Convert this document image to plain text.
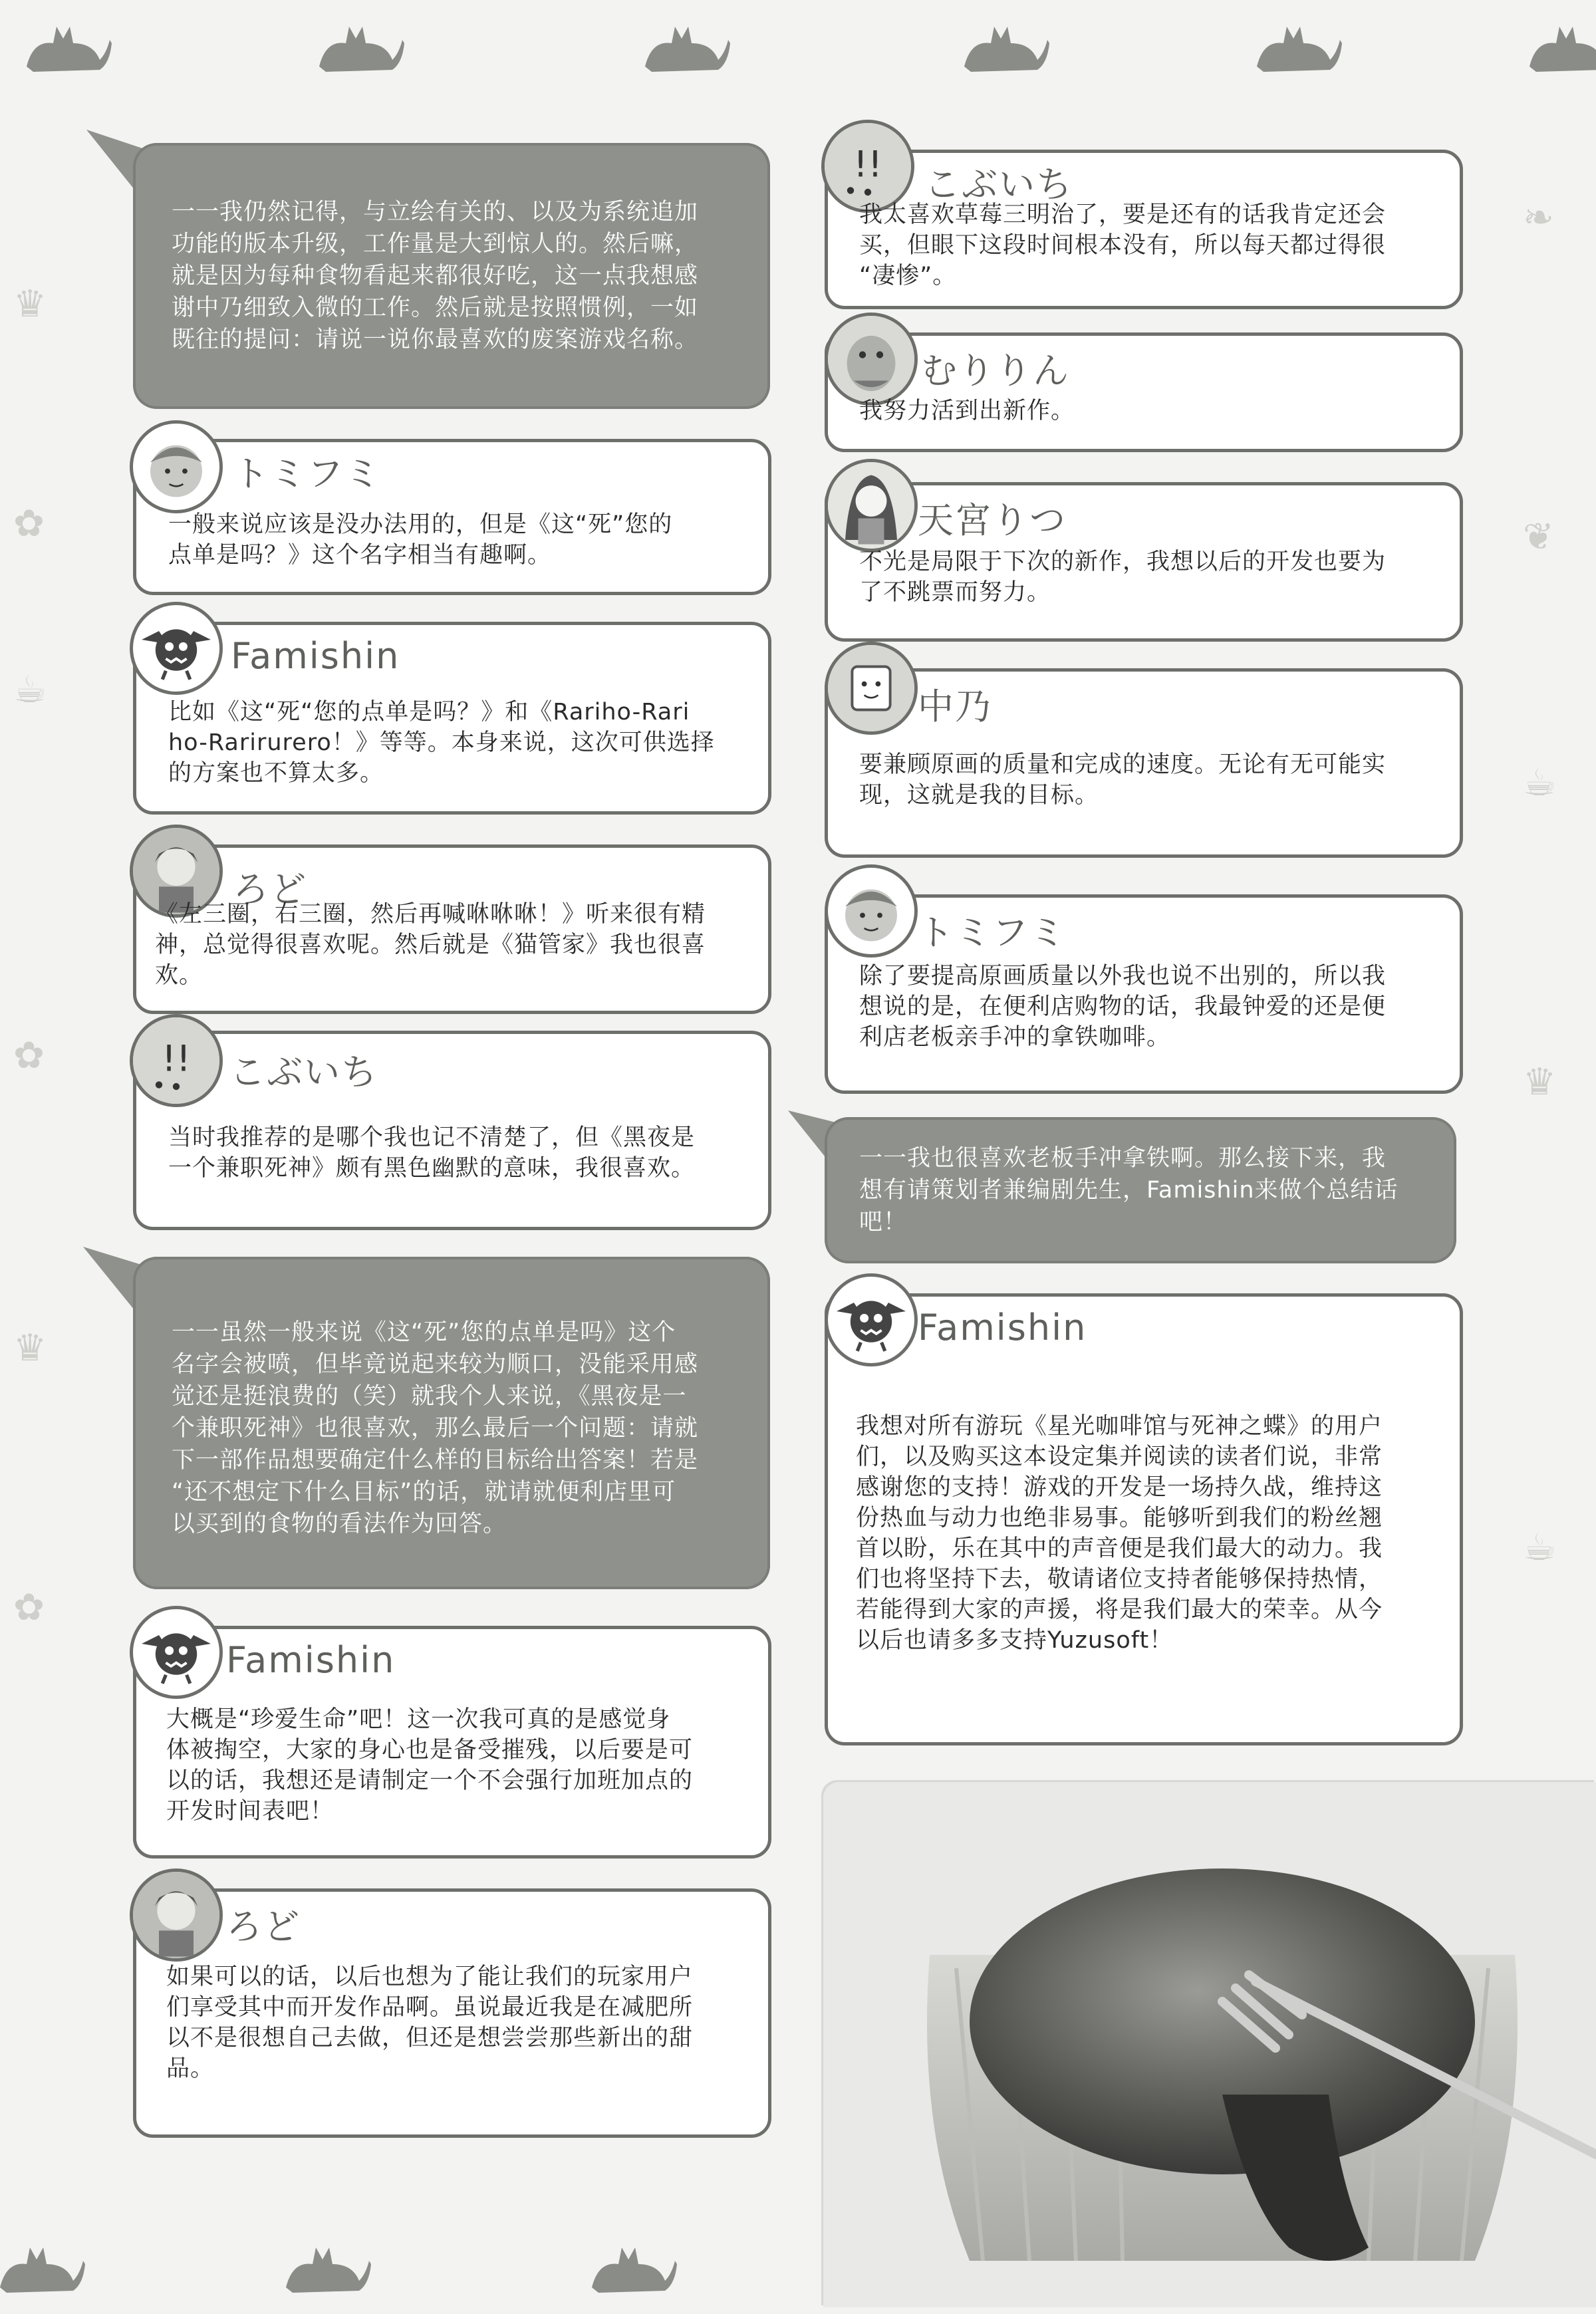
♛
✿
☕
✿
♛
✿
❧
❦
☕
♛
☕
一一我仍然记得，与立绘有关的、以及为系统追加
功能的版本升级，工作量是大到惊人的。然后嘛，
就是因为每种食物看起来都很好吃，这一点我想感
谢中乃细致入微的工作。然后就是按照惯例，一如
既往的提问：请说一说你最喜欢的废案游戏名称。
トミフミ
一般来说应该是没办法用的，但是《这“死”您的
点单是吗？》这个名字相当有趣啊。
Famishin
比如《这“死“您的点单是吗？》和《Rariho-Rari
ho-Rarirurero！》等等。本身来说，这次可供选择
的方案也不算太多。
ろど
《左三圈，右三圈，然后再喊咻咻咻！》听来很有精
神，总觉得很喜欢呢。然后就是《猫管家》我也很喜
欢。
!! こぶいち
当时我推荐的是哪个我也记不清楚了，但《黑夜是
一个兼职死神》颇有黑色幽默的意味，我很喜欢。
一一虽然一般来说《这“死”您的点单是吗》这个
名字会被喷，但毕竟说起来较为顺口，没能采用感
觉还是挺浪费的（笑）就我个人来说，《黑夜是一
个兼职死神》也很喜欢，那么最后一个问题：请就
下一部作品想要确定什么样的目标给出答案！若是
“还不想定下什么目标”的话，就请就便利店里可
以买到的食物的看法作为回答。
Famishin
大概是“珍爱生命”吧！这一次我可真的是感觉身
体被掏空，大家的身心也是备受摧残，以后要是可
以的话，我想还是请制定一个不会强行加班加点的
开发时间表吧！
ろど
如果可以的话，以后也想为了能让我们的玩家用户
们享受其中而开发作品啊。虽说最近我是在减肥所
以不是很想自己去做，但还是想尝尝那些新出的甜
品。
!! こぶいち
我太喜欢草莓三明治了，要是还有的话我肯定还会
买，但眼下这段时间根本没有，所以每天都过得很
“凄惨”。
むりりん
我努力活到出新作。
天宮りつ
不光是局限于下次的新作，我想以后的开发也要为
了不跳票而努力。
中乃
要兼顾原画的质量和完成的速度。无论有无可能实
现，这就是我的目标。
トミフミ
除了要提高原画质量以外我也说不出别的，所以我
想说的是，在便利店购物的话，我最钟爱的还是便
利店老板亲手冲的拿铁咖啡。
一一我也很喜欢老板手冲拿铁啊。那么接下来，我
想有请策划者兼编剧先生，Famishin来做个总结话
吧！
Famishin
我想对所有游玩《星光咖啡馆与死神之蝶》的用户
们，以及购买这本设定集并阅读的读者们说，非常
感谢您的支持！游戏的开发是一场持久战，维持这
份热血与动力也绝非易事。能够听到我们的粉丝翘
首以盼，乐在其中的声音便是我们最大的动力。我
们也将坚持下去，敬请诸位支持者能够保持热情，
若能得到大家的声援，将是我们最大的荣幸。从今
以后也请多多支持Yuzusoft！
